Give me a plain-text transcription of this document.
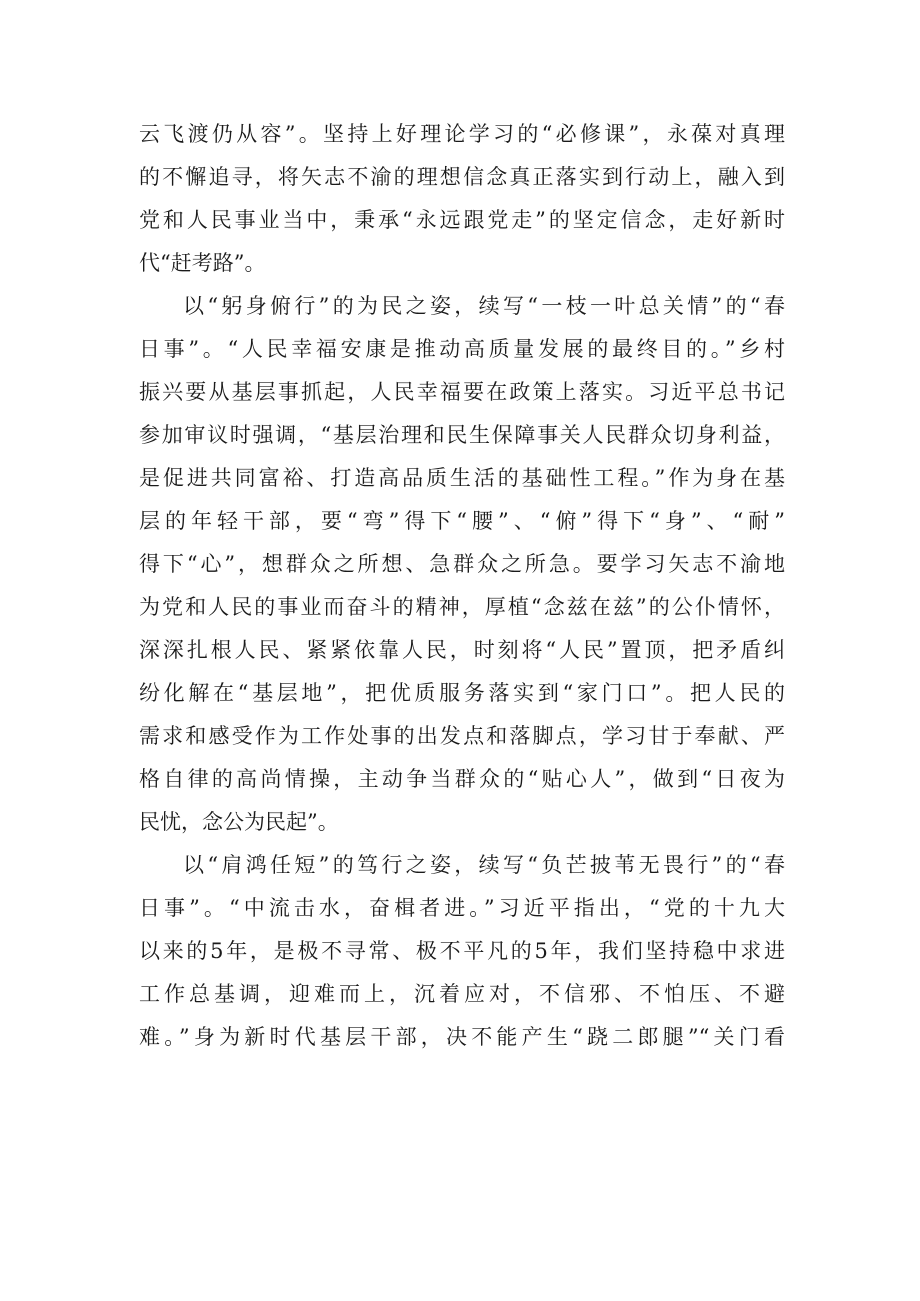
云飞渡仍从容”。坚持上好理论学习的“必修课”，永葆对真理
的不懈追寻，将矢志不渝的理想信念真正落实到行动上，融入到
党和人民事业当中，秉承“永远跟党走”的坚定信念，走好新时
代“赶考路”。
以“躬身俯行”的为民之姿，续写“一枝一叶总关情”的“春
日事”。“人民幸福安康是推动高质量发展的最终目的。”乡村
振兴要从基层事抓起，人民幸福要在政策上落实。习近平总书记
参加审议时强调，“基层治理和民生保障事关人民群众切身利益，
是促进共同富裕、打造高品质生活的基础性工程。”作为身在基
层的年轻干部，要“弯”得下“腰”、“俯”得下“身”、“耐”
得下“心”，想群众之所想、急群众之所急。要学习矢志不渝地
为党和人民的事业而奋斗的精神，厚植“念兹在兹”的公仆情怀，
深深扎根人民、紧紧依靠人民，时刻将“人民”置顶，把矛盾纠
纷化解在“基层地”，把优质服务落实到“家门口”。把人民的
需求和感受作为工作处事的出发点和落脚点，学习甘于奉献、严
格自律的高尚情操，主动争当群众的“贴心人”，做到“日夜为
民忧，念公为民起”。
以“肩鸿任短”的笃行之姿，续写“负芒披苇无畏行”的“春
日事”。“中流击水，奋楫者进。”习近平指出，“党的十九大
以来的5年，是极不寻常、极不平凡的5年，我们坚持稳中求进
工作总基调，迎难而上，沉着应对，不信邪、不怕压、不避
难。”身为新时代基层干部，决不能产生“跷二郎腿”“关门看
